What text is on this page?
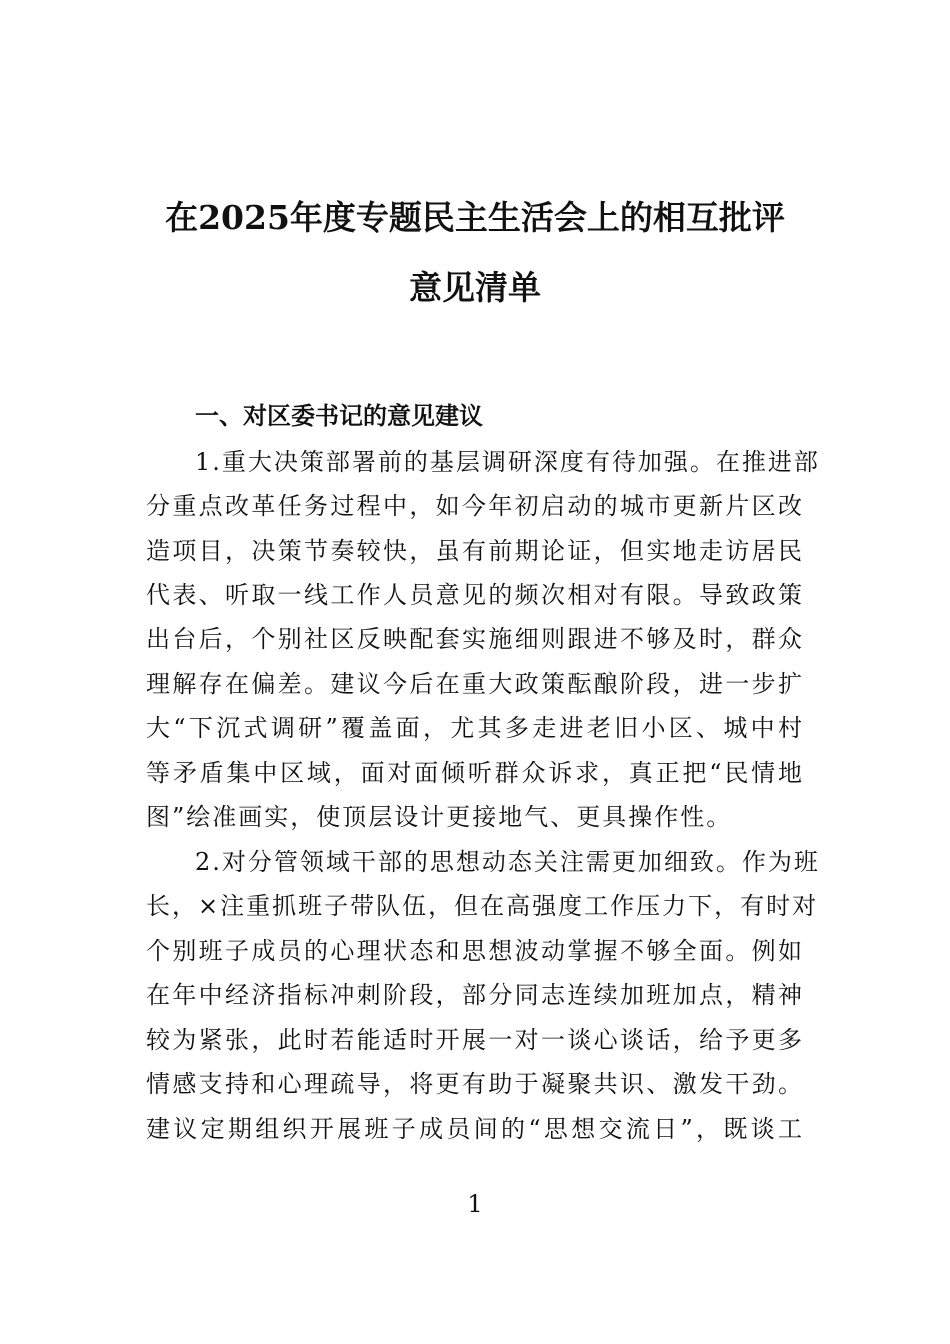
在2025年度专题民主生活会上的相互批评
意见清单
一、对区委书记的意见建议

1.重大决策部署前的基层调研深度有待加强。在推进部

分重点改革任务过程中，如今年初启动的城市更新片区改

造项目，决策节奏较快，虽有前期论证，但实地走访居民

代表、听取一线工作人员意见的频次相对有限。导致政策

出台后，个别社区反映配套实施细则跟进不够及时，群众

理解存在偏差。建议今后在重大政策酝酿阶段，进一步扩

大“下沉式调研”覆盖面，尤其多走进老旧小区、城中村

等矛盾集中区域，面对面倾听群众诉求，真正把“民情地

图”绘准画实，使顶层设计更接地气、更具操作性。

2.对分管领域干部的思想动态关注需更加细致。作为班

长，×注重抓班子带队伍，但在高强度工作压力下，有时对

个别班子成员的心理状态和思想波动掌握不够全面。例如

在年中经济指标冲刺阶段，部分同志连续加班加点，精神

较为紧张，此时若能适时开展一对一谈心谈话，给予更多

情感支持和心理疏导，将更有助于凝聚共识、激发干劲。

建议定期组织开展班子成员间的“思想交流日”，既谈工

1
